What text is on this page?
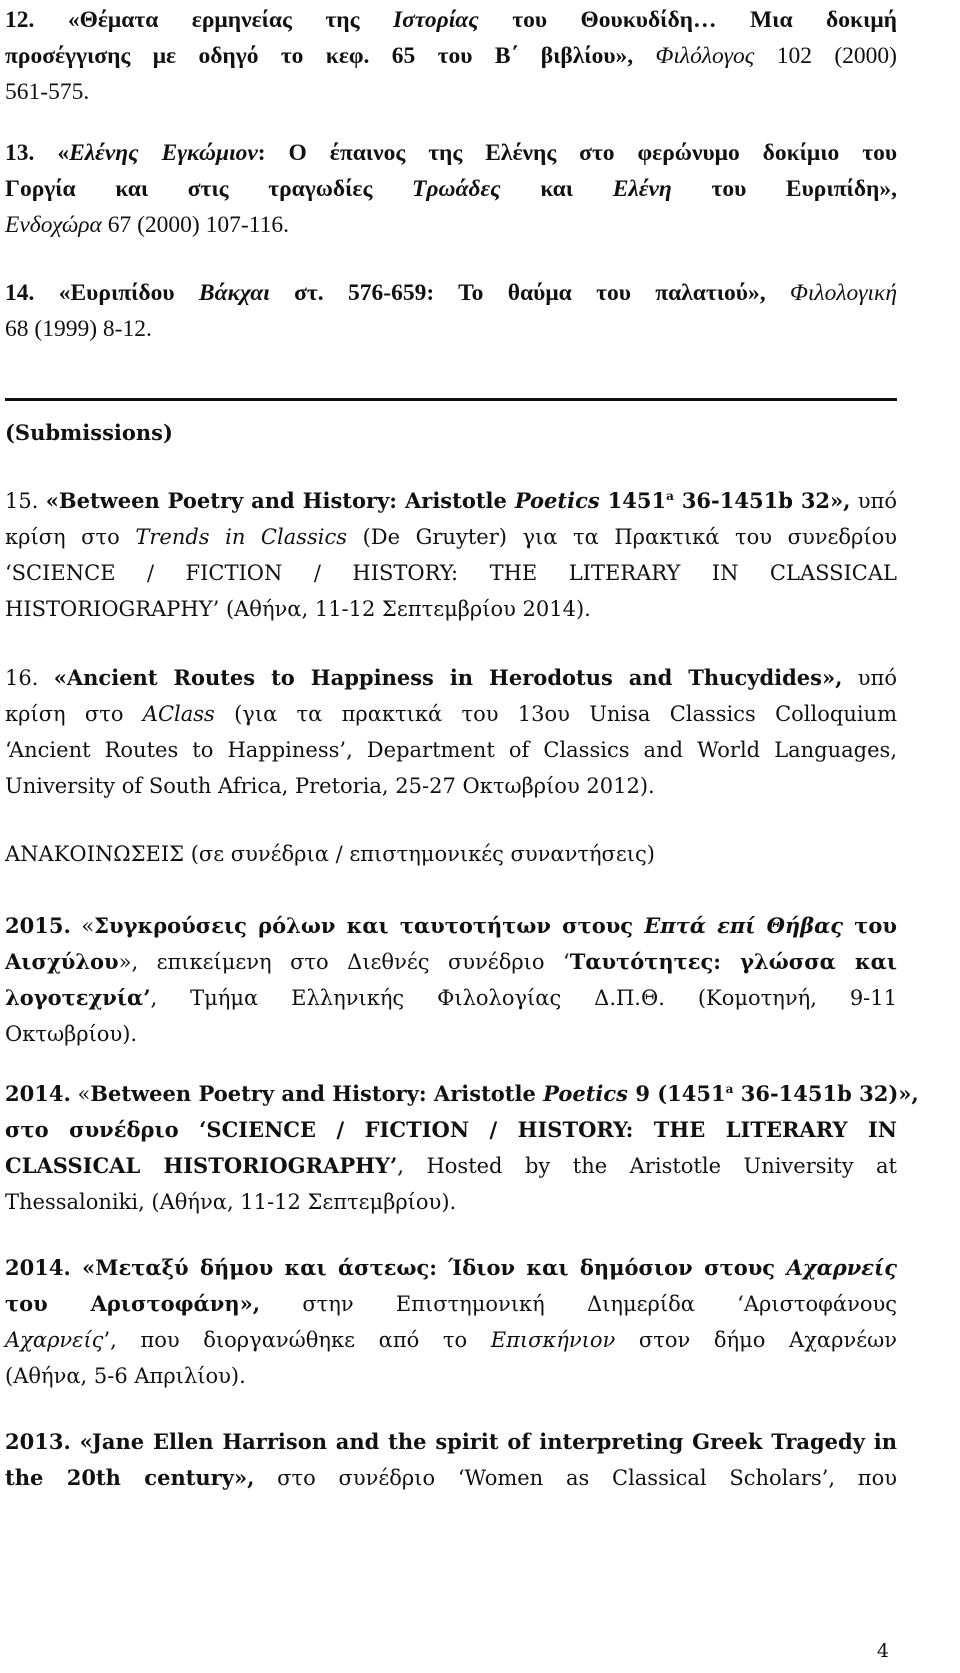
12. «Θέματα ερμηνείας της Ιστορίας του Θουκυδίδη… Μια δοκιμή
προσέγγισης με οδηγό το κεφ. 65 του Β΄ βιβλίου», Φιλόλογος 102 (2000)
561-575.
13. «Ελένης Εγκώμιον: Ο έπαινος της Ελένης στο φερώνυμο δοκίμιο του
Γοργία και στις τραγωδίες Τρωάδες και Ελένη του Ευριπίδη»,
Ενδοχώρα 67 (2000) 107-116.
14. «Ευριπίδου Βάκχαι στ. 576-659: Το θαύμα του παλατιού», Φιλολογική
68 (1999) 8-12.
(Submissions)
15. «Between Poetry and History: Aristotle Poetics 1451$^a$ 36-1451b 32», υπό
κρίση στο Trends in Classics (De Gruyter) για τα Πρακτικά του συνεδρίου
‘SCIENCE / FICTION / HISTORY: THE LITERARY IN CLASSICAL
HISTORIOGRAPHY’ (Αθήνα, 11-12 Σεπτεμβρίου 2014).
16. «Ancient Routes to Happiness in Herodotus and Thucydides», υπό
κρίση στο AClass (για τα πρακτικά του 13ου Unisa Classics Colloquium
‘Ancient Routes to Happiness’, Department of Classics and World Languages,
University of South Africa, Pretoria, 25-27 Οκτωβρίου 2012).
ΑΝΑΚΟΙΝΩΣΕΙΣ (σε συνέδρια / επιστημονικές συναντήσεις)
2015. «Συγκρούσεις ρόλων και ταυτοτήτων στους Επτά επί Θήβας του
Αισχύλου», επικείμενη στο Διεθνές συνέδριο ‘Ταυτότητες: γλώσσα και
λογοτεχνία’, Τμήμα Ελληνικής Φιλολογίας Δ.Π.Θ. (Κομοτηνή, 9-11
Οκτωβρίου).
2014. «Between Poetry and History: Aristotle Poetics 9 (1451$^a$ 36-1451b 32)»,
στο συνέδριο ‘SCIENCE / FICTION / HISTORY: THE LITERARY IN
CLASSICAL HISTORIOGRAPHY’, Hosted by the Aristotle University at
Thessaloniki, (Αθήνα, 11-12 Σεπτεμβρίου).
2014. «Μεταξύ δήμου και άστεως: Ίδιον και δημόσιον στους Αχαρνείς
του Αριστοφάνη», στην Επιστημονική Διημερίδα ‘Αριστοφάνους
Αχαρνείς’, που διοργανώθηκε από το Επισκήνιον στον δήμο Αχαρνέων
(Αθήνα, 5-6 Απριλίου).
2013. «Jane Ellen Harrison and the spirit of interpreting Greek Tragedy in
the 20th century», στο συνέδριο ‘Women as Classical Scholars’, που
4
